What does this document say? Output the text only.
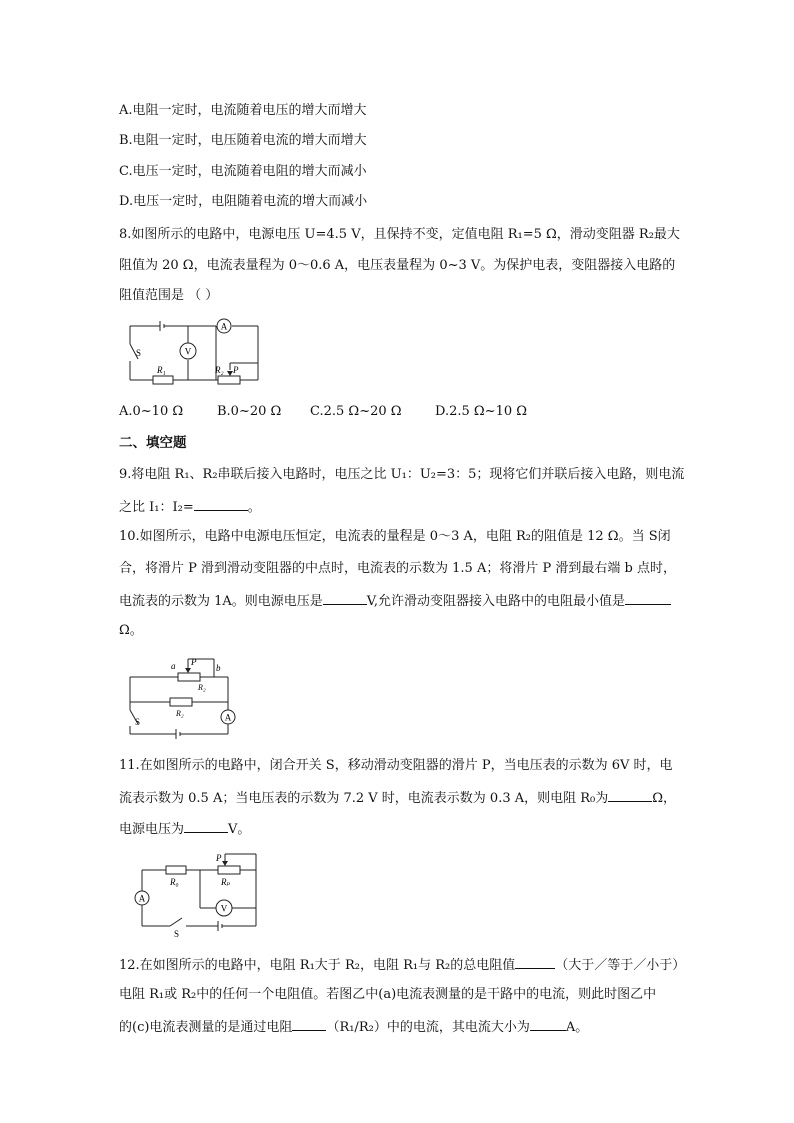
A.电阻一定时，电流随着电压的增大而增大
B.电阻一定时，电压随着电流的增大而增大
C.电压一定时，电流随着电阻的增大而减小
D.电压一定时，电阻随着电流的增大而减小
8.如图所示的电路中，电源电压 U=4.5 V，且保持不变，定值电阻 R₁=5 Ω，滑动变阻器 R₂最大
阻值为 20 Ω，电流表量程为 0～0.6 A，电压表量程为 0~3 V。为保护电表，变阻器接入电路的
阻值范围是 （ ）
A
V
S
R₁	R₂ P
A.0~10 Ω	B.0~20 Ω C.2.5 Ω~20 Ω	D.2.5 Ω~10 Ω
二、填空题
9.将电阻 R₁、R₂串联后接入电路时，电压之比 U₁：U₂=3：5；现将它们并联后接入电路，则电流
之比 I₁：I₂=	。
10.如图所示，电路中电源电压恒定，电流表的量程是 0～3 A，电阻 R₂的阻值是 12 Ω。当 S闭
合，将滑片 P 滑到滑动变阻器的中点时，电流表的示数为 1.5 A；将滑片 P 滑到最右端 b 点时，
电流表的示数为 1A。则电源电压是	V,允许滑动变阻器接入电路中的电阻最小值是
Ω。
a P
b
R₂
R₂	A
S
11.在如图所示的电路中，闭合开关 S，移动滑动变阻器的滑片 P，当电压表的示数为 6V 时，电
流表示数为 0.5 A；当电压表的示数为 7.2 V 时，电流表示数为 0.3 A，则电阻 R₀为	Ω，
电源电压为	V。
R₀	Rₚ
P
A
V
S
12.在如图所示的电路中，电阻 R₁大于 R₂，电阻 R₁与 R₂的总电阻值	（大于／等于／小于）
电阻 R₁或 R₂中的任何一个电阻值。若图乙中(a)电流表测量的是干路中的电流，则此时图乙中
的(c)电流表测量的是通过电阻	（R₁/R₂）中的电流，其电流大小为	A。
